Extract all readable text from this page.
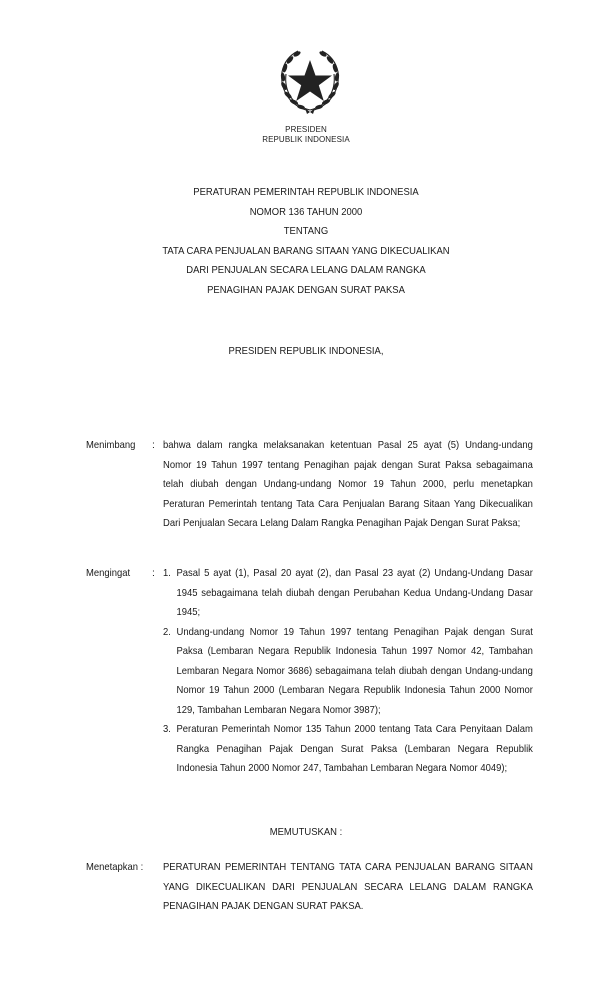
PRESIDEN
REPUBLIK INDONESIA
PERATURAN PEMERINTAH REPUBLIK INDONESIA
NOMOR 136 TAHUN 2000
TENTANG
TATA CARA PENJUALAN BARANG SITAAN YANG DIKECUALIKAN
DARI PENJUALAN SECARA LELANG DALAM RANGKA
PENAGIHAN PAJAK DENGAN SURAT PAKSA
PRESIDEN REPUBLIK INDONESIA,
Menimbang : bahwa dalam rangka melaksanakan ketentuan Pasal 25 ayat (5) Undang-undang Nomor 19 Tahun 1997 tentang Penagihan pajak dengan Surat Paksa sebagaimana telah diubah dengan Undang-undang Nomor 19 Tahun 2000, perlu menetapkan Peraturan Pemerintah tentang Tata Cara Penjualan Barang Sitaan Yang Dikecualikan Dari Penjualan Secara Lelang Dalam Rangka Penagihan Pajak Dengan Surat Paksa;
Mengingat : 1. Pasal 5 ayat (1), Pasal 20 ayat (2), dan Pasal 23 ayat (2) Undang-Undang Dasar 1945 sebagaimana telah diubah dengan Perubahan Kedua Undang-Undang Dasar 1945;
2. Undang-undang Nomor 19 Tahun 1997 tentang Penagihan Pajak dengan Surat Paksa (Lembaran Negara Republik Indonesia Tahun 1997 Nomor 42, Tambahan Lembaran Negara Nomor 3686) sebagaimana telah diubah dengan Undang-undang Nomor 19 Tahun 2000 (Lembaran Negara Republik Indonesia Tahun 2000 Nomor 129, Tambahan Lembaran Negara Nomor 3987);
3. Peraturan Pemerintah Nomor 135 Tahun 2000 tentang Tata Cara Penyitaan Dalam Rangka Penagihan Pajak Dengan Surat Paksa (Lembaran Negara Republik Indonesia Tahun 2000 Nomor 247, Tambahan Lembaran Negara Nomor 4049);
MEMUTUSKAN :
Menetapkan : PERATURAN PEMERINTAH TENTANG TATA CARA PENJUALAN BARANG SITAAN YANG DIKECUALIKAN DARI PENJUALAN SECARA LELANG DALAM RANGKA PENAGIHAN PAJAK DENGAN SURAT PAKSA.
